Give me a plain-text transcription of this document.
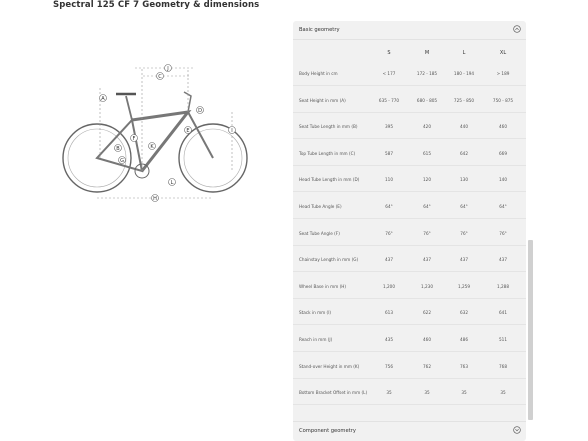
Spectral 125 CF 7 Geometry & dimensions
A
B
C
D
E
F
G
H
I
J
K
L
Basic geometry
S	M	L	XL
Body Height in cm	< 177	172 - 185	180 - 194	> 189
Seat Height in mm (A)	635 - 770	680 - 805	725 - 850	750 - 875
Seat Tube Length in mm (B)	395	420	440	460
Top Tube Length in mm (C)	587	615	642	669
Head Tube Length in mm (D)	110	120	130	140
Head Tube Angle (E)	64°	64°	64°	64°
Seat Tube Angle (F)	76°	76°	76°	76°
Chainstay Length in mm (G)	437	437	437	437
Wheel Base in mm (H)	1,200	1,230	1,259	1,288
Stack in mm (I)	613	622	632	641
Reach in mm (J)	435	460	486	511
Stand-over Height in mm (K)	756	762	763	768
Bottom Bracket Offset in mm (L)	35	35	35	35
Component geometry
